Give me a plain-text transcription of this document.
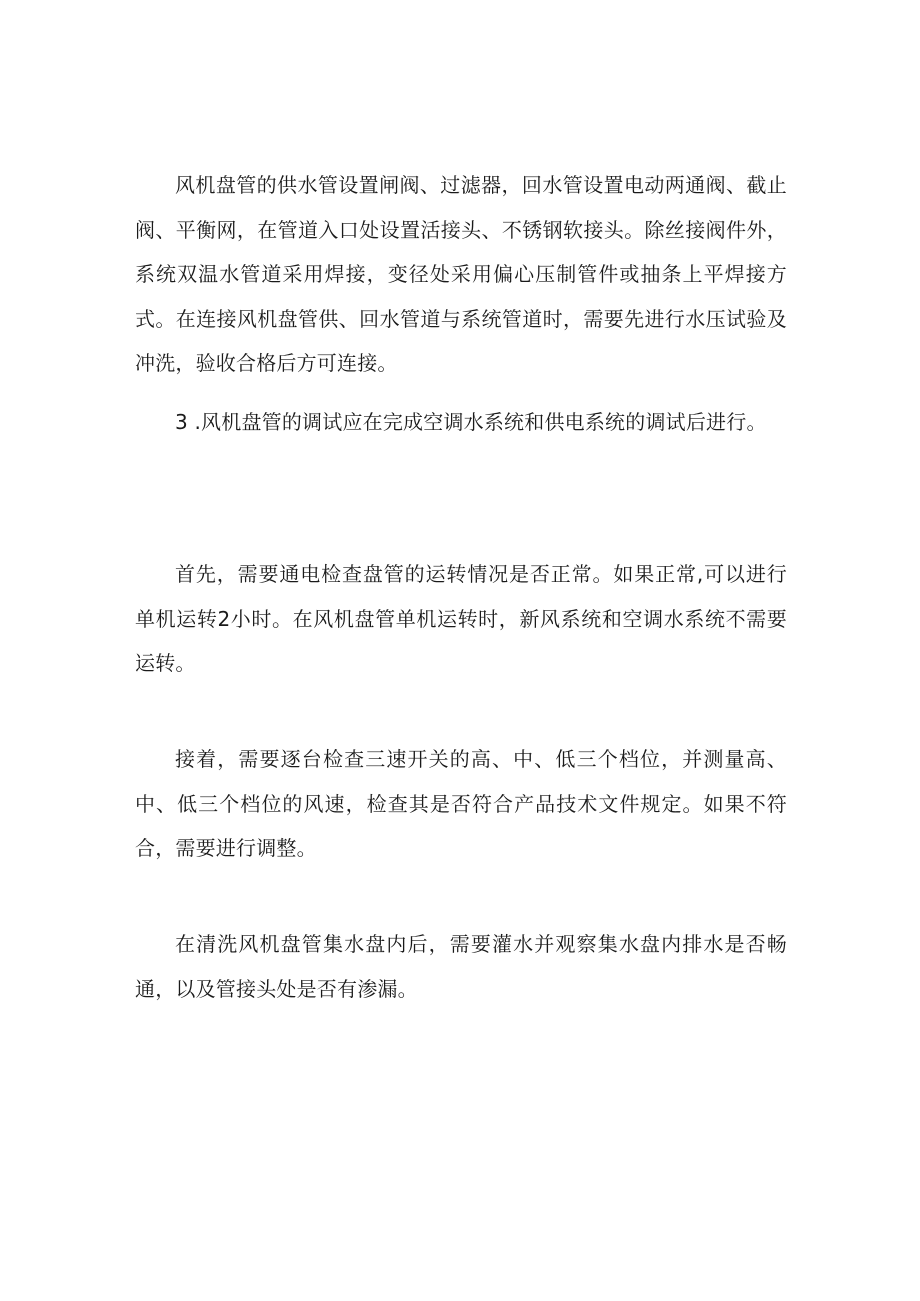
风机盘管的供水管设置闸阀、过滤器，回水管设置电动两通阀、截止阀、平衡网，在管道入口处设置活接头、不锈钢软接头。除丝接阀件外，系统双温水管道采用焊接，变径处采用偏心压制管件或抽条上平焊接方式。在连接风机盘管供、回水管道与系统管道时，需要先进行水压试验及冲洗，验收合格后方可连接。

3 .风机盘管的调试应在完成空调水系统和供电系统的调试后进行。

首先，需要通电检查盘管的运转情况是否正常。如果正常,可以进行单机运转2小时。在风机盘管单机运转时，新风系统和空调水系统不需要运转。

接着，需要逐台检查三速开关的高、中、低三个档位，并测量高、中、低三个档位的风速，检查其是否符合产品技术文件规定。如果不符合，需要进行调整。

在清洗风机盘管集水盘内后，需要灌水并观察集水盘内排水是否畅通，以及管接头处是否有渗漏。
